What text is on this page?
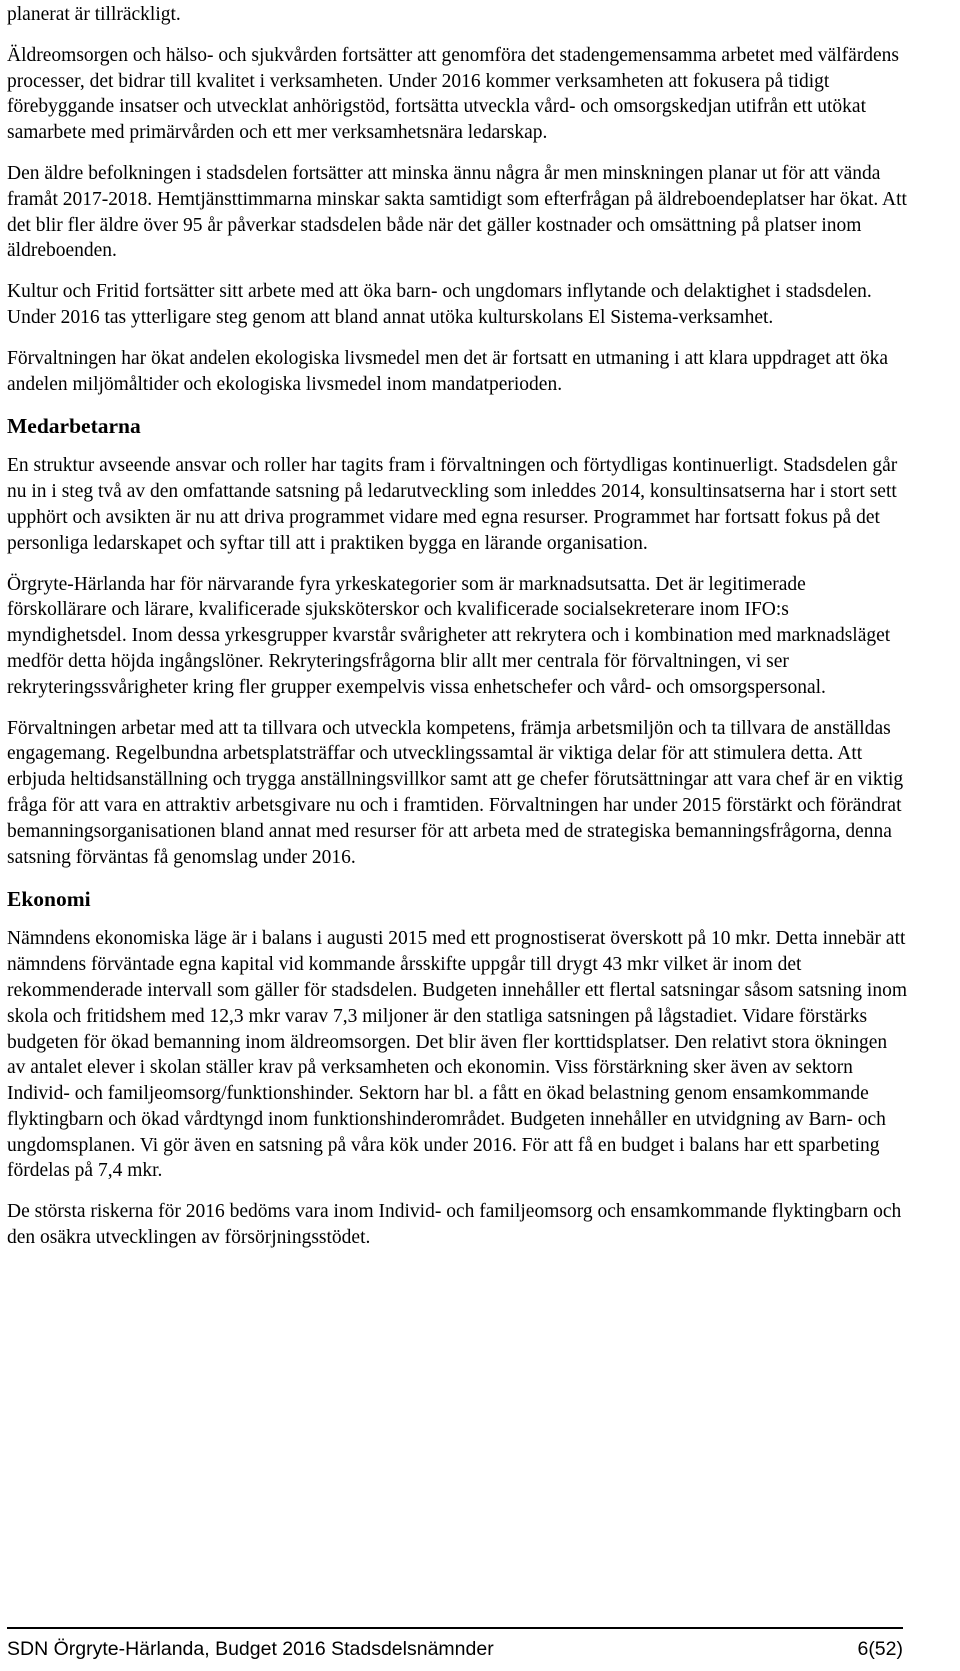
planerat är tillräckligt.

Äldreomsorgen och hälso- och sjukvården fortsätter att genomföra det stadengemensamma arbetet med välfärdens processer, det bidrar till kvalitet i verksamheten. Under 2016 kommer verksamheten att fokusera på tidigt förebyggande insatser och utvecklat anhörigstöd, fortsätta utveckla vård- och omsorgskedjan utifrån ett utökat samarbete med primärvården och ett mer verksamhetsnära ledarskap.

Den äldre befolkningen i stadsdelen fortsätter att minska ännu några år men minskningen planar ut för att vända framåt 2017-2018. Hemtjänsttimmarna minskar sakta samtidigt som efterfrågan på äldreboendeplatser har ökat. Att det blir fler äldre över 95 år påverkar stadsdelen både när det gäller kostnader och omsättning på platser inom äldreboenden.

Kultur och Fritid fortsätter sitt arbete med att öka barn- och ungdomars inflytande och delaktighet i stadsdelen. Under 2016 tas ytterligare steg genom att bland annat utöka kulturskolans El Sistema-verksamhet.

Förvaltningen har ökat andelen ekologiska livsmedel men det är fortsatt en utmaning i att klara uppdraget att öka andelen miljömåltider och ekologiska livsmedel inom mandatperioden.

Medarbetarna

En struktur avseende ansvar och roller har tagits fram i förvaltningen och förtydligas kontinuerligt. Stadsdelen går nu in i steg två av den omfattande satsning på ledarutveckling som inleddes 2014, konsultinsatserna har i stort sett upphört och avsikten är nu att driva programmet vidare med egna resurser. Programmet har fortsatt fokus på det personliga ledarskapet och syftar till att i praktiken bygga en lärande organisation.

Örgryte-Härlanda har för närvarande fyra yrkeskategorier som är marknadsutsatta. Det är legitimerade förskollärare och lärare, kvalificerade sjuksköterskor och kvalificerade socialsekreterare inom IFO:s myndighetsdel. Inom dessa yrkesgrupper kvarstår svårigheter att rekrytera och i kombination med marknadsläget medför detta höjda ingångslöner. Rekryteringsfrågorna blir allt mer centrala för förvaltningen, vi ser rekryteringssvårigheter kring fler grupper exempelvis vissa enhetschefer och vård- och omsorgspersonal.

Förvaltningen arbetar med att ta tillvara och utveckla kompetens, främja arbetsmiljön och ta tillvara de anställdas engagemang. Regelbundna arbetsplatsträffar och utvecklingssamtal är viktiga delar för att stimulera detta. Att erbjuda heltidsanställning och trygga anställningsvillkor samt att ge chefer förutsättningar att vara chef är en viktig fråga för att vara en attraktiv arbetsgivare nu och i framtiden. Förvaltningen har under 2015 förstärkt och förändrat bemanningsorganisationen bland annat med resurser för att arbeta med de strategiska bemanningsfrågorna, denna satsning förväntas få genomslag under 2016.

Ekonomi

Nämndens ekonomiska läge är i balans i augusti 2015 med ett prognostiserat överskott på 10 mkr. Detta innebär att nämndens förväntade egna kapital vid kommande årsskifte uppgår till drygt 43 mkr vilket är inom det rekommenderade intervall som gäller för stadsdelen. Budgeten innehåller ett flertal satsningar såsom satsning inom skola och fritidshem med 12,3 mkr varav 7,3 miljoner är den statliga satsningen på lågstadiet. Vidare förstärks budgeten för ökad bemanning inom äldreomsorgen. Det blir även fler korttidsplatser. Den relativt stora ökningen av antalet elever i skolan ställer krav på verksamheten och ekonomin. Viss förstärkning sker även av sektorn Individ- och familjeomsorg/funktionshinder. Sektorn har bl. a fått en ökad belastning genom ensamkommande flyktingbarn och ökad vårdtyngd inom funktionshinderområdet. Budgeten innehåller en utvidgning av Barn- och ungdomsplanen. Vi gör även en satsning på våra kök under 2016. För att få en budget i balans har ett sparbeting fördelas på 7,4 mkr.

De största riskerna för 2016 bedöms vara inom Individ- och familjeomsorg och ensamkommande flyktingbarn och den osäkra utvecklingen av försörjningsstödet.

SDN Örgryte-Härlanda, Budget 2016 Stadsdelsnämnder	6(52)
